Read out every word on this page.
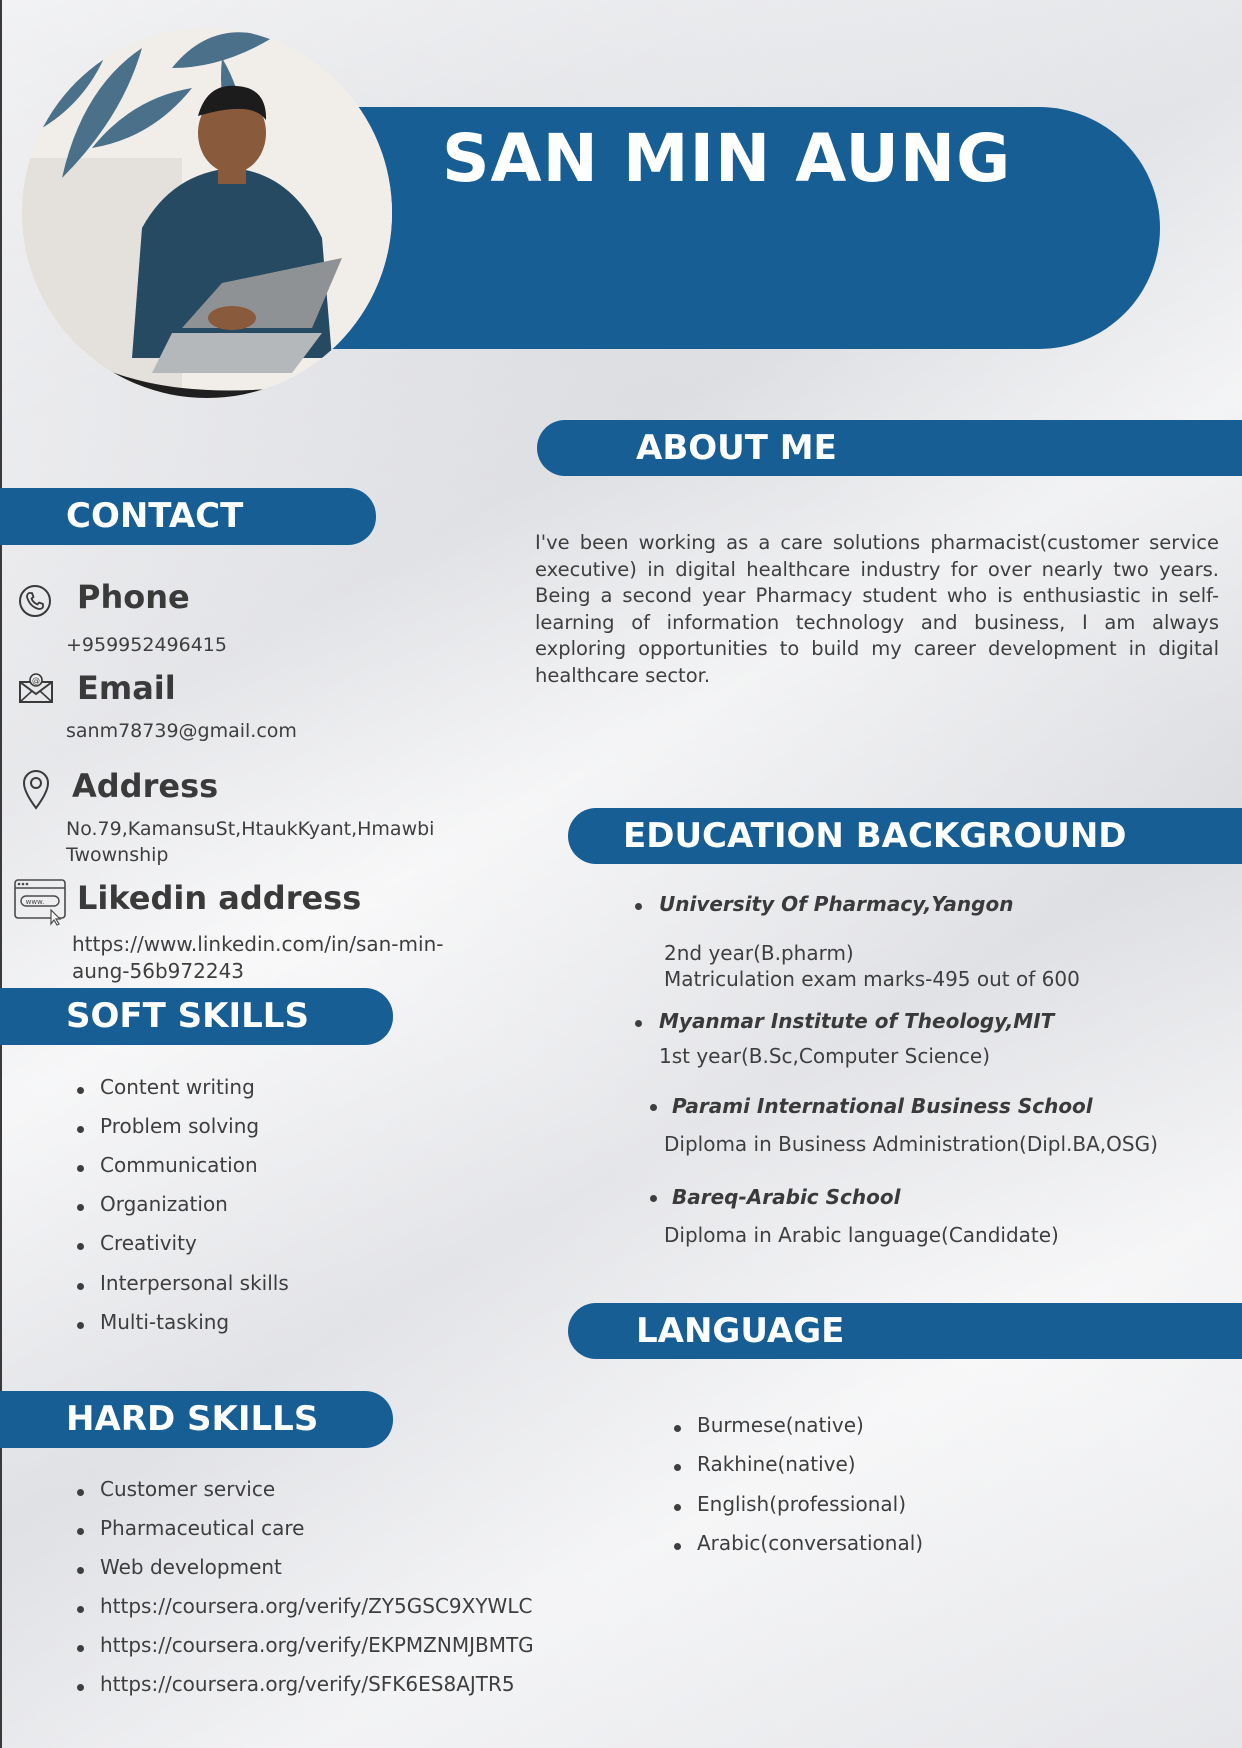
SAN MIN AUNG
CONTACT
Phone
+959952496415
@ Email
sanm78739@gmail.com
Address
No.79,KamansuSt,HtaukKyant,Hmawbi
Twownship
www. Likedin address
https://www.linkedin.com/in/san-min-
aung-56b972243
SOFT SKILLS
Content writing
Problem solving
Communication
Organization
Creativity
Interpersonal skills
Multi-tasking
HARD SKILLS
Customer service
Pharmaceutical care
Web development
https://coursera.org/verify/ZY5GSC9XYWLC
https://coursera.org/verify/EKPMZNMJBMTG
https://coursera.org/verify/SFK6ES8AJTR5
ABOUT ME
I've been working as a care solutions pharmacist(customer service executive) in digital healthcare industry for over nearly two years. Being a second year Pharmacy student who is enthusiastic in self-learning of information technology and business, I am always exploring opportunities to build my career development in digital healthcare sector.
EDUCATION BACKGROUND
University Of Pharmacy,Yangon
2nd year(B.pharm)
Matriculation exam marks-495 out of 600
Myanmar Institute of Theology,MIT
1st year(B.Sc,Computer Science)
Parami International Business School
Diploma in Business Administration(Dipl.BA,OSG)
Bareq-Arabic School
Diploma in Arabic language(Candidate)
LANGUAGE
Burmese(native)
Rakhine(native)
English(professional)
Arabic(conversational)
